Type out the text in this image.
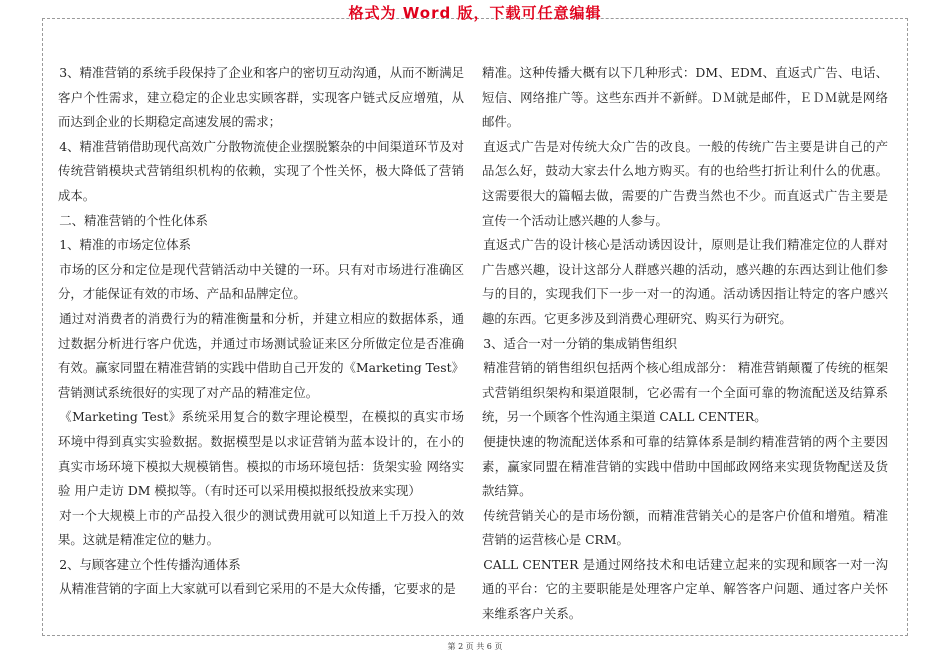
格式为 Word 版，下载可任意编辑

3、精准营销的系统手段保持了企业和客户的密切互动沟通，从而不断满足客户个性需求，建立稳定的企业忠实顾客群，实现客户链式反应增殖，从而达到企业的长期稳定高速发展的需求；

4、精准营销借助现代高效广分散物流使企业摆脱繁杂的中间渠道环节及对传统营销模块式营销组织机构的依赖，实现了个性关怀，极大降低了营销成本。

二、精准营销的个性化体系

1、精准的市场定位体系

市场的区分和定位是现代营销活动中关键的一环。只有对市场进行准确区分，才能保证有效的市场、产品和品牌定位。

通过对消费者的消费行为的精准衡量和分析，并建立相应的数据体系，通过数据分析进行客户优选，并通过市场测试验证来区分所做定位是否准确有效。赢家同盟在精准营销的实践中借助自己开发的《Marketing Test》营销测试系统很好的实现了对产品的精准定位。

《Marketing Test》系统采用复合的数字理论模型，在模拟的真实市场环境中得到真实实验数据。数据模型是以求证营销为蓝本设计的，在小的真实市场环境下模拟大规模销售。模拟的市场环境包括：货架实验 网络实验 用户走访 DM 模拟等。（有时还可以采用模拟报纸投放来实现）

对一个大规模上市的产品投入很少的测试费用就可以知道上千万投入的效果。这就是精准定位的魅力。

2、与顾客建立个性传播沟通体系

从精准营销的字面上大家就可以看到它采用的不是大众传播，它要求的是

精准。这种传播大概有以下几种形式：DM、EDM、直返式广告、电话、短信、网络推广等。这些东西并不新鲜。ＤＭ就是邮件，ＥＤＭ就是网络邮件。

直返式广告是对传统大众广告的改良。一般的传统广告主要是讲自己的产品怎么好，鼓动大家去什么地方购买。有的也给些打折让利什么的优惠。这需要很大的篇幅去做，需要的广告费当然也不少。而直返式广告主要是宣传一个活动让感兴趣的人参与。

直返式广告的设计核心是活动诱因设计，原则是让我们精准定位的人群对广告感兴趣，设计这部分人群感兴趣的活动，感兴趣的东西达到让他们参与的目的，实现我们下一步一对一的沟通。活动诱因指让特定的客户感兴趣的东西。它更多涉及到消费心理研究、购买行为研究。

3、适合一对一分销的集成销售组织

精准营销的销售组织包括两个核心组成部分： 精准营销颠覆了传统的框架式营销组织架构和渠道限制，它必需有一个全面可靠的物流配送及结算系统，另一个顾客个性沟通主渠道 CALL CENTER。

便捷快速的物流配送体系和可靠的结算体系是制约精准营销的两个主要因素，赢家同盟在精准营销的实践中借助中国邮政网络来实现货物配送及货款结算。

传统营销关心的是市场份额，而精准营销关心的是客户价值和增殖。精准营销的运营核心是 CRM。

CALL CENTER 是通过网络技术和电话建立起来的实现和顾客一对一沟通的平台：它的主要职能是处理客户定单、解答客户问题、通过客户关怀来维系客户关系。

第 2 页 共 6 页
